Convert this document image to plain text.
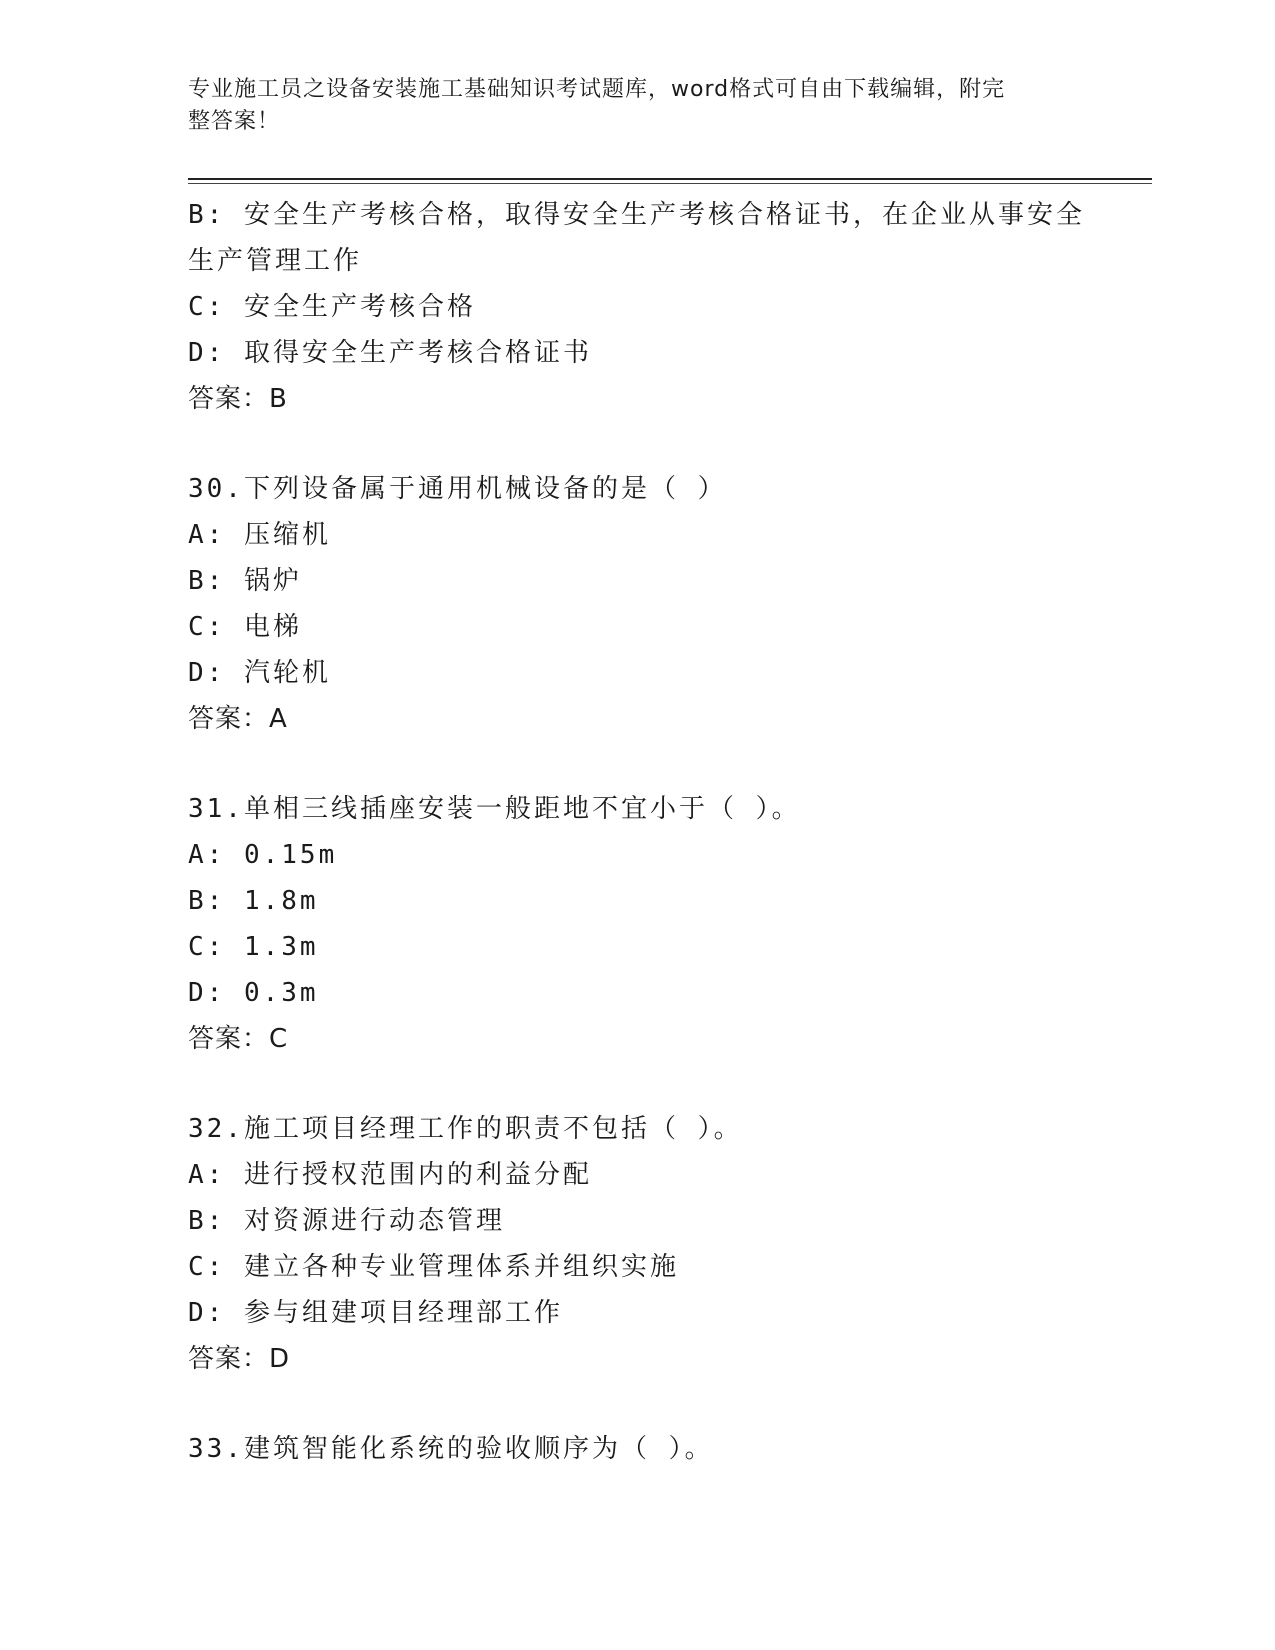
专业施工员之设备安装施工基础知识考试题库，word格式可自由下载编辑，附完
整答案！
B: 安全生产考核合格，取得安全生产考核合格证书，在企业从事安全
生产管理工作
C: 安全生产考核合格
D: 取得安全生产考核合格证书
答案：B
30.下列设备属于通用机械设备的是（ ）
A: 压缩机
B: 锅炉
C: 电梯
D: 汽轮机
答案：A
31.单相三线插座安装一般距地不宜小于（ ）。
A: 0.15m
B: 1.8m
C: 1.3m
D: 0.3m
答案：C
32.施工项目经理工作的职责不包括（ ）。
A: 进行授权范围内的利益分配
B: 对资源进行动态管理
C: 建立各种专业管理体系并组织实施
D: 参与组建项目经理部工作
答案：D
33.建筑智能化系统的验收顺序为（ ）。
